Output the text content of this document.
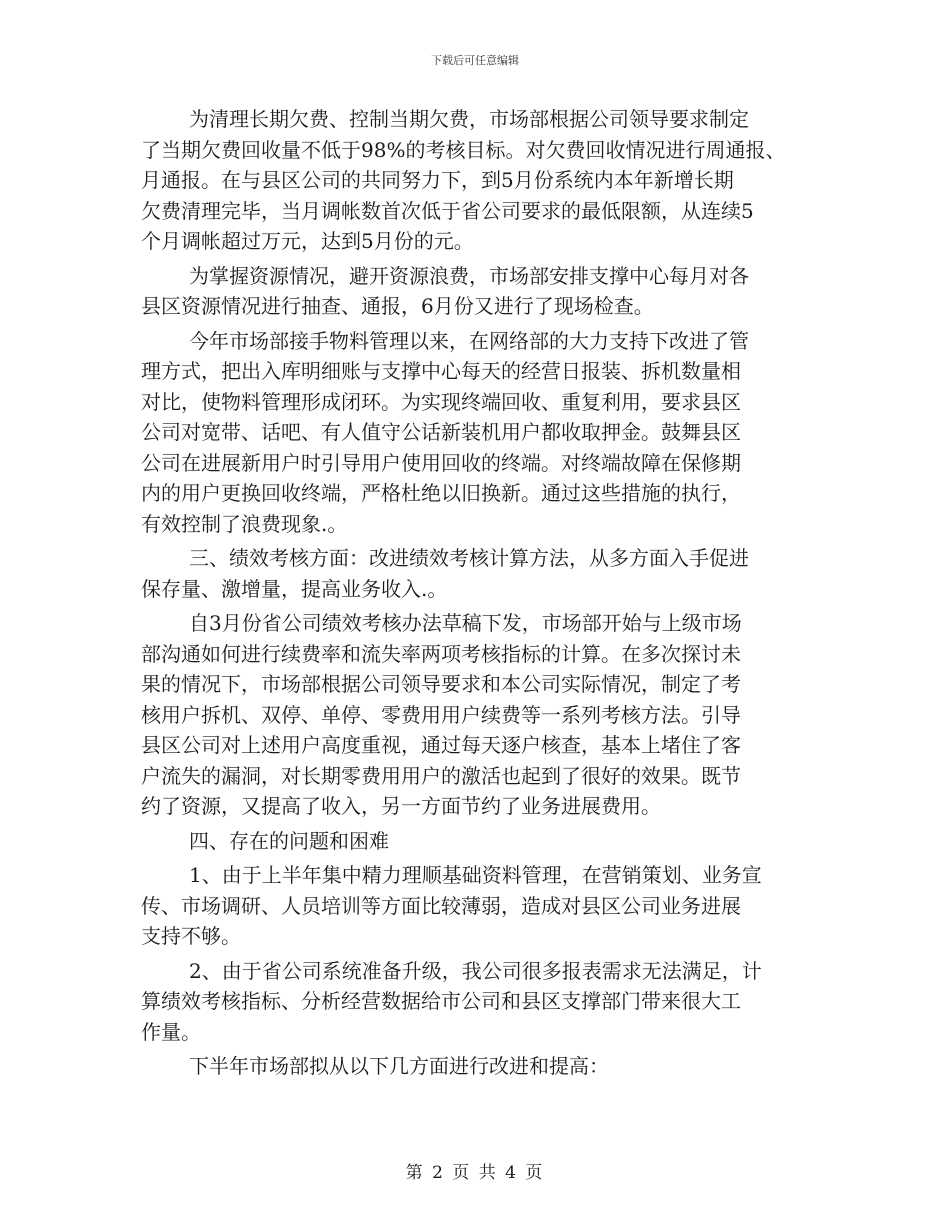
下载后可任意编辑
为清理长期欠费、控制当期欠费，市场部根据公司领导要求制定
了当期欠费回收量不低于98%的考核目标。对欠费回收情况进行周通报、
月通报。在与县区公司的共同努力下，到5月份系统内本年新增长期
欠费清理完毕，当月调帐数首次低于省公司要求的最低限额，从连续5
个月调帐超过万元，达到5月份的元。
为掌握资源情况，避开资源浪费，市场部安排支撑中心每月对各
县区资源情况进行抽查、通报，6月份又进行了现场检查。
今年市场部接手物料管理以来，在网络部的大力支持下改进了管
理方式，把出入库明细账与支撑中心每天的经营日报装、拆机数量相
对比，使物料管理形成闭环。为实现终端回收、重复利用，要求县区
公司对宽带、话吧、有人值守公话新装机用户都收取押金。鼓舞县区
公司在进展新用户时引导用户使用回收的终端。对终端故障在保修期
内的用户更换回收终端，严格杜绝以旧换新。通过这些措施的执行，
有效控制了浪费现象.。
三、绩效考核方面：改进绩效考核计算方法，从多方面入手促进
保存量、激增量，提高业务收入.。
自3月份省公司绩效考核办法草稿下发，市场部开始与上级市场
部沟通如何进行续费率和流失率两项考核指标的计算。在多次探讨未
果的情况下，市场部根据公司领导要求和本公司实际情况，制定了考
核用户拆机、双停、单停、零费用用户续费等一系列考核方法。引导
县区公司对上述用户高度重视，通过每天逐户核查，基本上堵住了客
户流失的漏洞，对长期零费用用户的激活也起到了很好的效果。既节
约了资源，又提高了收入，另一方面节约了业务进展费用。
四、存在的问题和困难
1、由于上半年集中精力理顺基础资料管理，在营销策划、业务宣
传、市场调研、人员培训等方面比较薄弱，造成对县区公司业务进展
支持不够。
2、由于省公司系统准备升级，我公司很多报表需求无法满足，计
算绩效考核指标、分析经营数据给市公司和县区支撑部门带来很大工
作量。
下半年市场部拟从以下几方面进行改进和提高：
第 2 页 共 4 页
